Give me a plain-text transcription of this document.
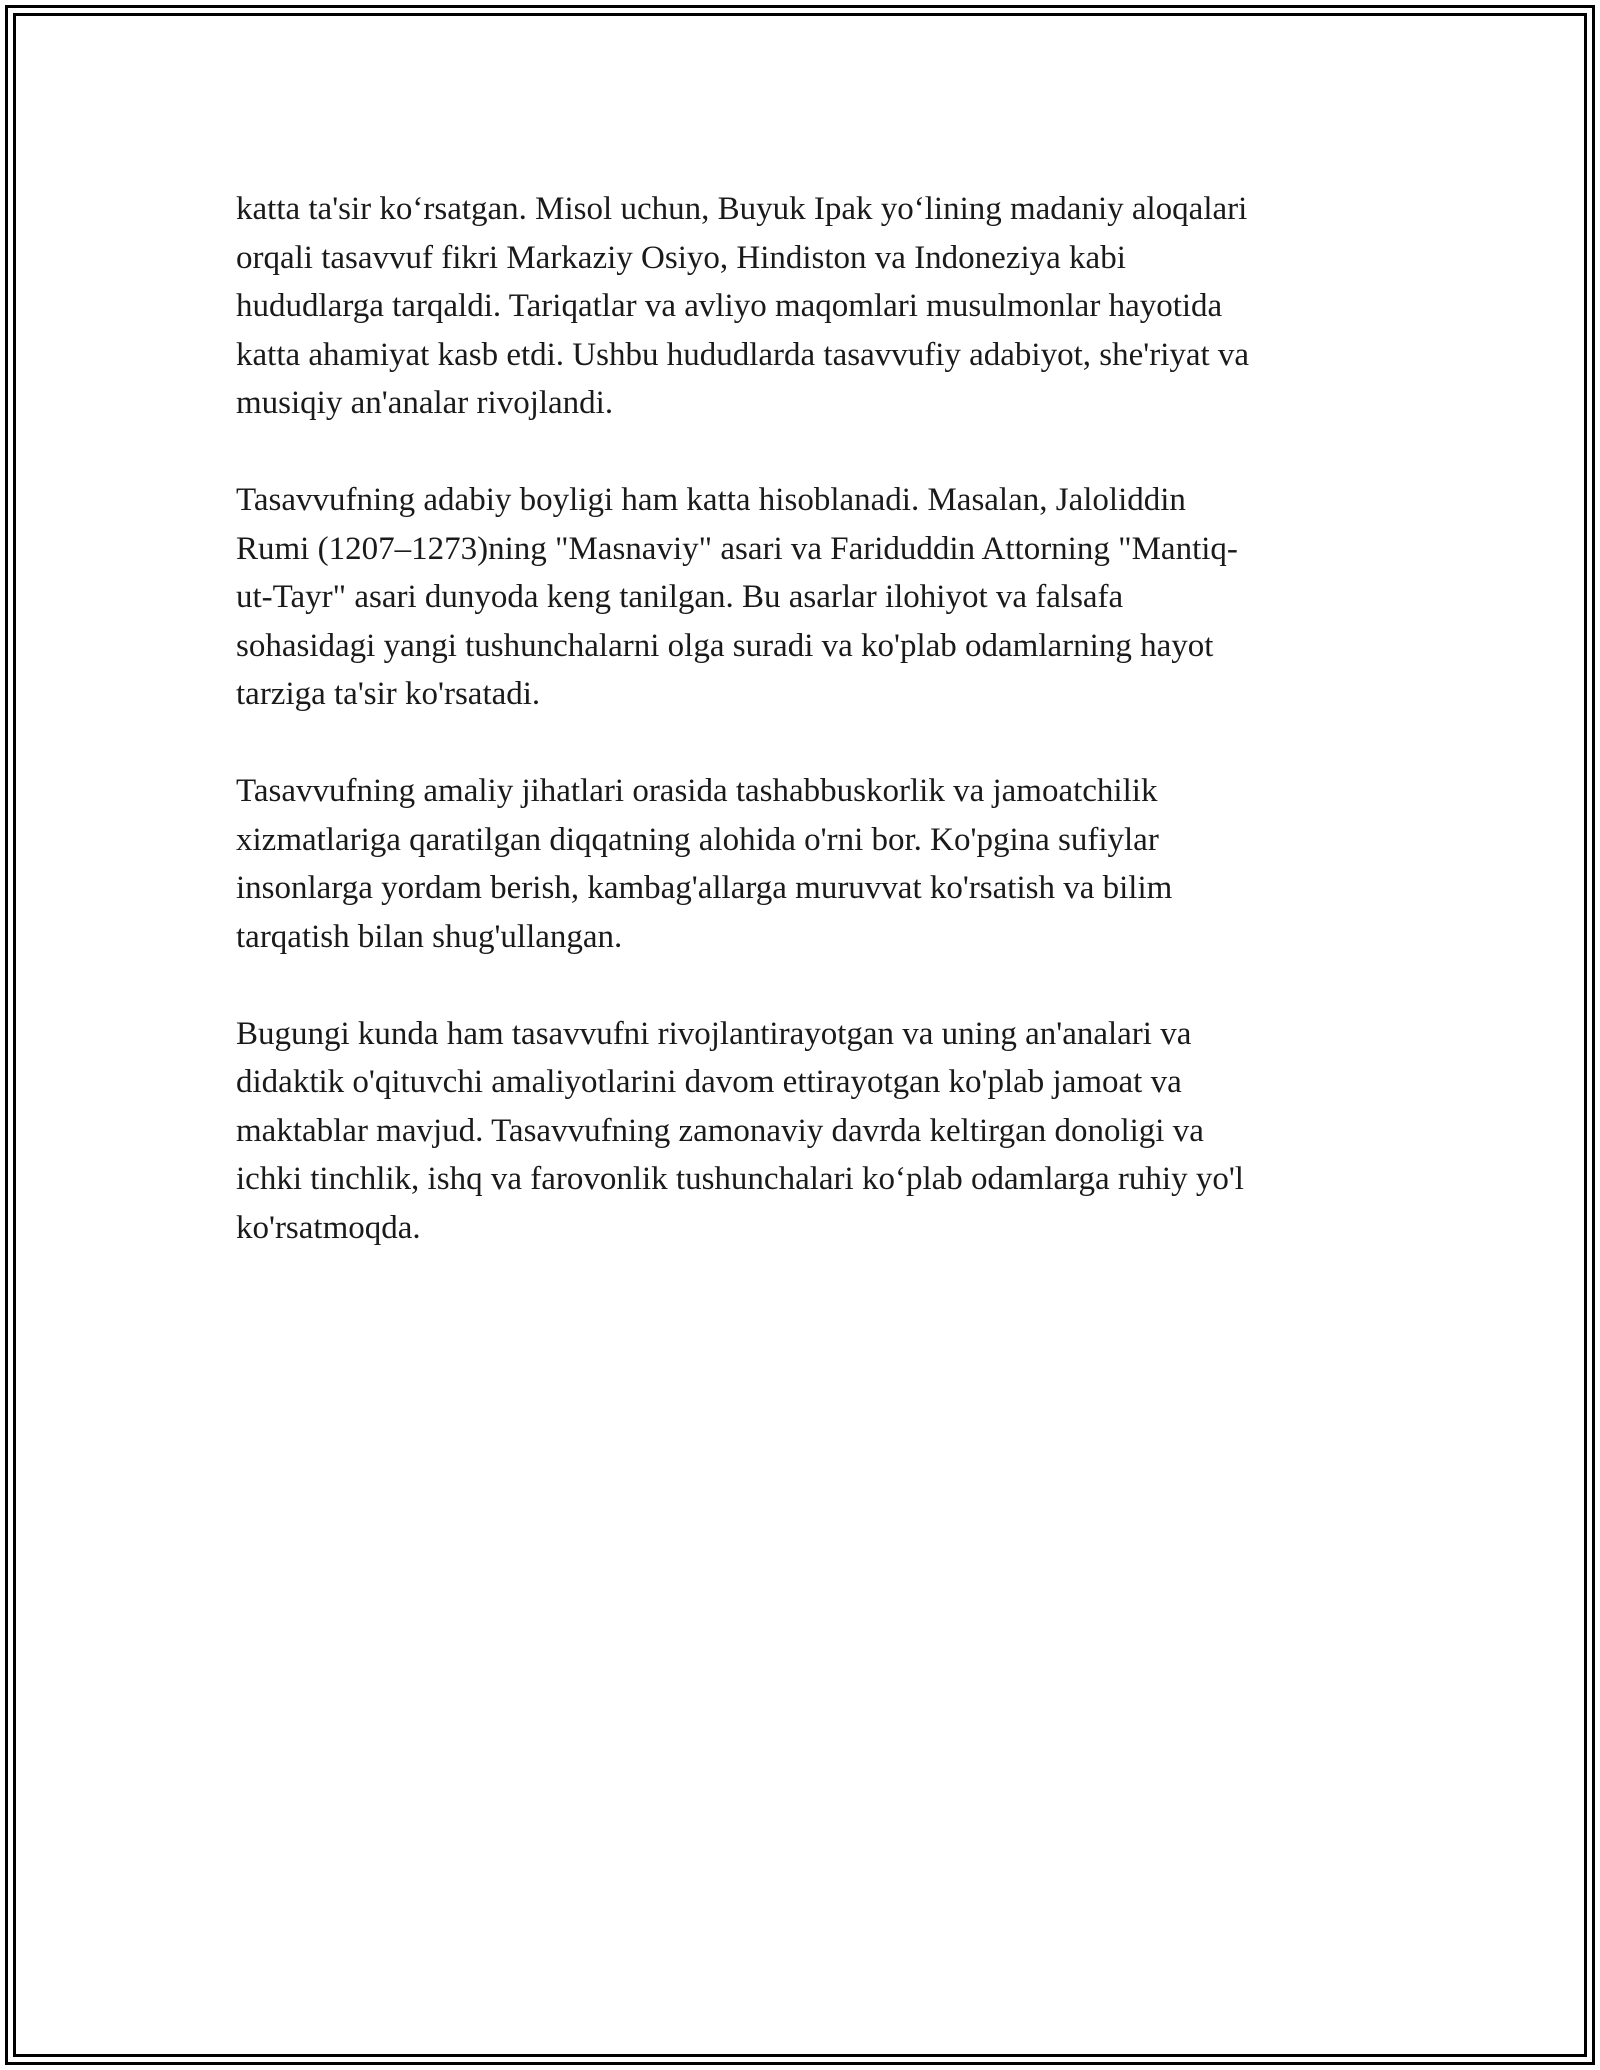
katta ta'sir ko‘rsatgan. Misol uchun, Buyuk Ipak yo‘lining madaniy aloqalari
orqali tasavvuf fikri Markaziy Osiyo, Hindiston va Indoneziya kabi
hududlarga tarqaldi. Tariqatlar va avliyo maqomlari musulmonlar hayotida
katta ahamiyat kasb etdi. Ushbu hududlarda tasavvufiy adabiyot, she'riyat va
musiqiy an'analar rivojlandi.

Tasavvufning adabiy boyligi ham katta hisoblanadi. Masalan, Jaloliddin
Rumi (1207–1273)ning "Masnaviy" asari va Fariduddin Attorning "Mantiq-
ut-Tayr" asari dunyoda keng tanilgan. Bu asarlar ilohiyot va falsafa
sohasidagi yangi tushunchalarni olga suradi va ko'plab odamlarning hayot
tarziga ta'sir ko'rsatadi.

Tasavvufning amaliy jihatlari orasida tashabbuskorlik va jamoatchilik
xizmatlariga qaratilgan diqqatning alohida o'rni bor. Ko'pgina sufiylar
insonlarga yordam berish, kambag'allarga muruvvat ko'rsatish va bilim
tarqatish bilan shug'ullangan.

Bugungi kunda ham tasavvufni rivojlantirayotgan va uning an'analari va
didaktik o'qituvchi amaliyotlarini davom ettirayotgan ko'plab jamoat va
maktablar mavjud. Tasavvufning zamonaviy davrda keltirgan donoligi va
ichki tinchlik, ishq va farovonlik tushunchalari ko‘plab odamlarga ruhiy yo'l
ko'rsatmoqda.
